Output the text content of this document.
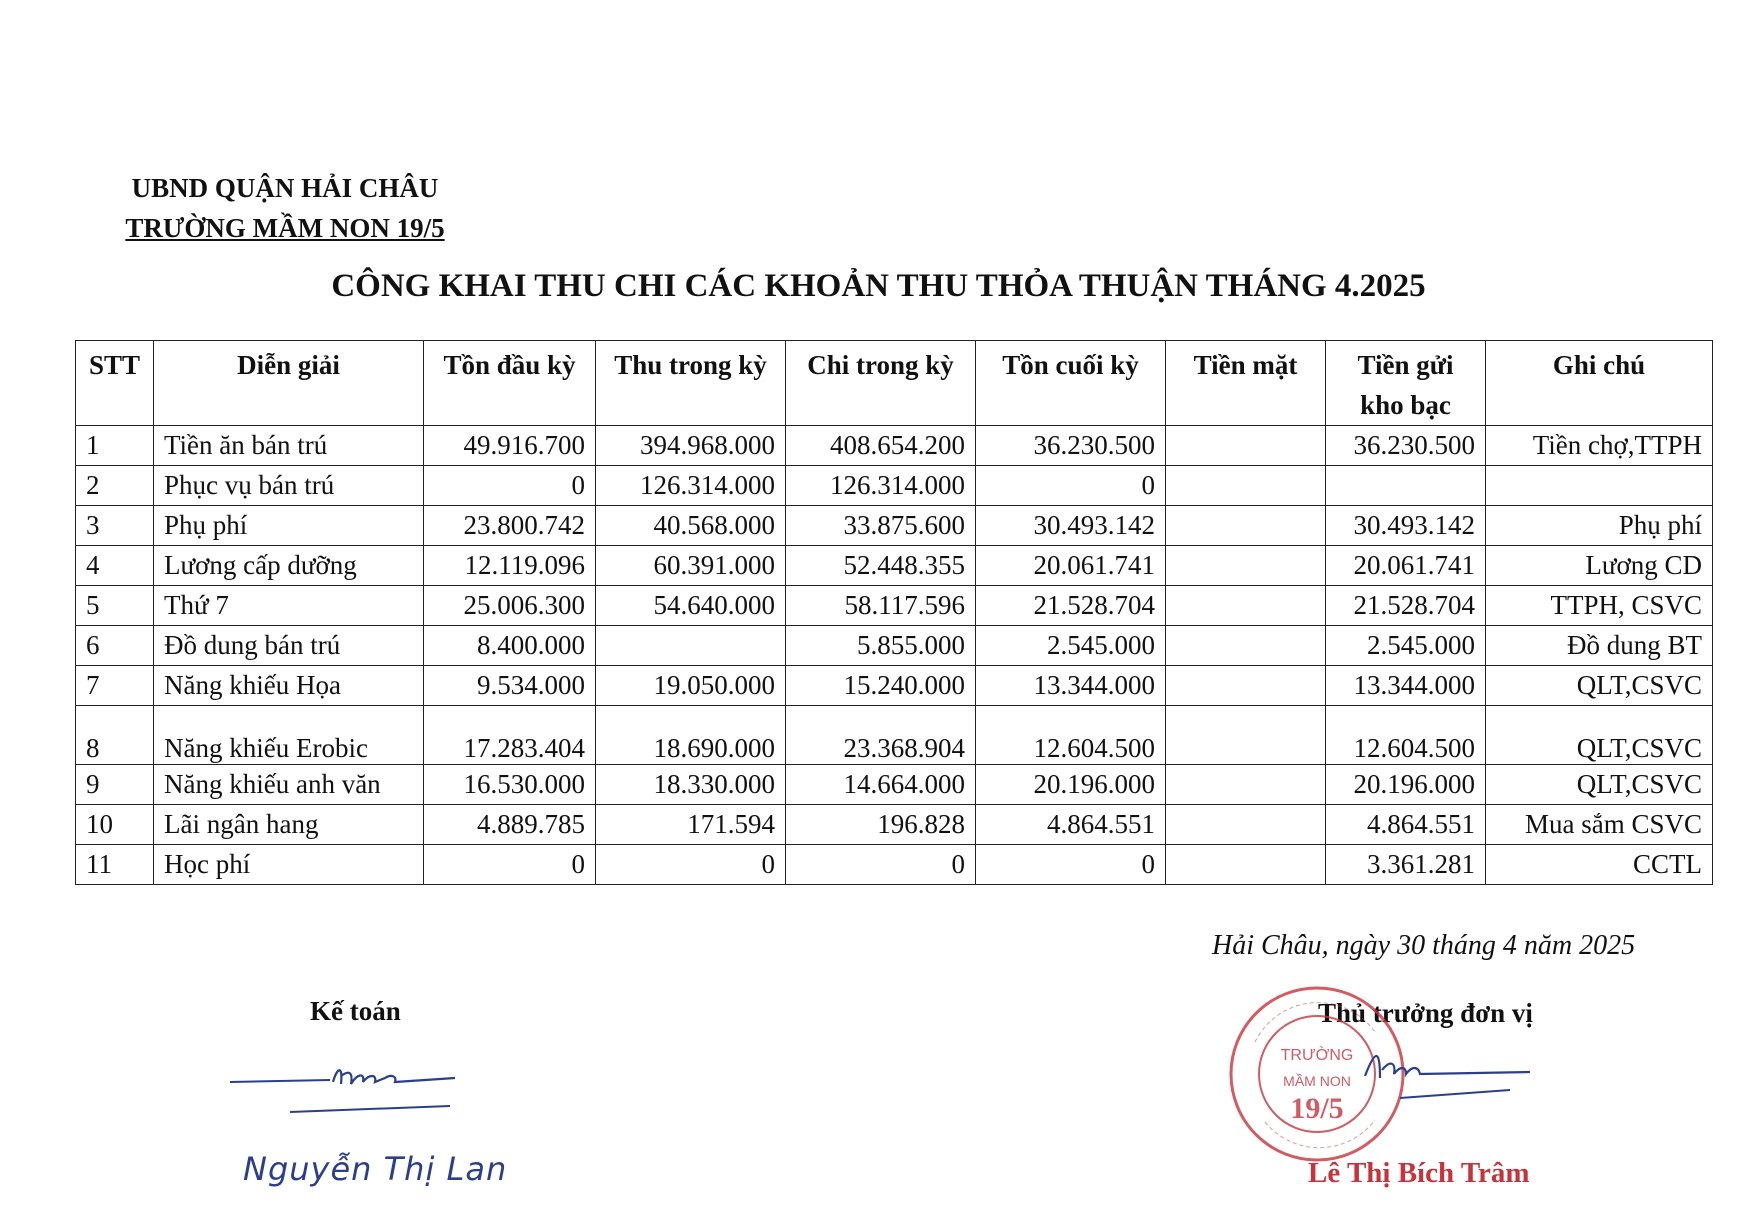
UBND QUẬN HẢI CHÂU
TRƯỜNG MẦM NON 19/5
CÔNG KHAI THU CHI CÁC KHOẢN THU THỎA THUẬN THÁNG 4.2025
STT	Diễn giải	Tồn đầu kỳ	Thu trong kỳ	Chi trong kỳ	Tồn cuối kỳ	Tiền mặt	Tiền gửi kho bạc	Ghi chú
1	Tiền ăn bán trú	49.916.700	394.968.000	408.654.200	36.230.500		36.230.500	Tiền chợ,TTPH
2	Phục vụ bán trú	0	126.314.000	126.314.000	0			
3	Phụ phí	23.800.742	40.568.000	33.875.600	30.493.142		30.493.142	Phụ phí
4	Lương cấp dưỡng	12.119.096	60.391.000	52.448.355	20.061.741		20.061.741	Lương CD
5	Thứ 7	25.006.300	54.640.000	58.117.596	21.528.704		21.528.704	TTPH, CSVC
6	Đồ dung bán trú	8.400.000		5.855.000	2.545.000		2.545.000	Đồ dung BT
7	Năng khiếu Họa	9.534.000	19.050.000	15.240.000	13.344.000		13.344.000	QLT,CSVC
8	Năng khiếu Erobic	17.283.404	18.690.000	23.368.904	12.604.500		12.604.500	QLT,CSVC
9	Năng khiếu anh văn	16.530.000	18.330.000	14.664.000	20.196.000		20.196.000	QLT,CSVC
10	Lãi ngân hang	4.889.785	171.594	196.828	4.864.551		4.864.551	Mua sắm CSVC
11	Học phí	0	0	0	0		3.361.281	CCTL
Hải Châu, ngày 30 tháng 4 năm 2025
Kế toán
Nguyễn Thị Lan
Thủ trưởng đơn vị
TRƯỜNG
MẦM NON
19/5
Lê Thị Bích Trâm
